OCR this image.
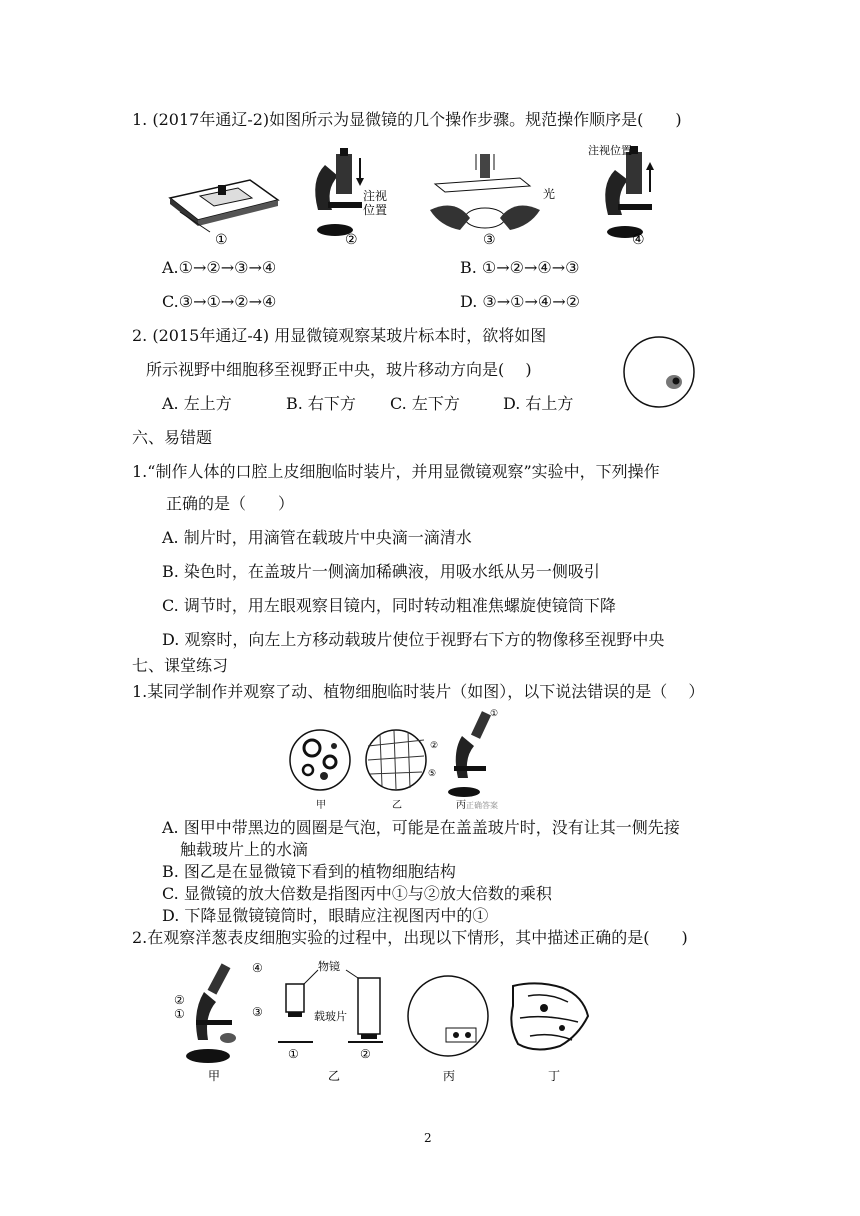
1. (2017年通辽-2)如图所示为显微镜的几个操作步骤。规范操作顺序是(　　)
注视
位置
光
注视位置
①	②	③	④
A.①→②→③→④	B. ①→②→④→③
C.③→①→②→④	D. ③→①→④→②
2. (2015年通辽-4) 用显微镜观察某玻片标本时，欲将如图
所示视野中细胞移至视野正中央，玻片移动方向是(　 )
A. 左上方	B. 右下方 C. 左下方	D. 右上方
六、易错题
1.“制作人体的口腔上皮细胞临时装片，并用显微镜观察”实验中，下列操作
正确的是（　　）
A. 制片时，用滴管在载玻片中央滴一滴清水
B. 染色时，在盖玻片一侧滴加稀碘液，用吸水纸从另一侧吸引
C. 调节时，用左眼观察目镜内，同时转动粗准焦螺旋使镜筒下降
D. 观察时，向左上方移动载玻片使位于视野右下方的物像移至视野中央
七、课堂练习
1.某同学制作并观察了动、植物细胞临时装片（如图），以下说法错误的是（　 ）
①
②
⑤
甲	乙	丙 正确答案
A. 图甲中带黑边的圆圈是气泡，可能是在盖盖玻片时，没有让其一侧先接
触载玻片上的水滴
B. 图乙是在显微镜下看到的植物细胞结构
C. 显微镜的放大倍数是指图丙中①与②放大倍数的乘积
D. 下降显微镜镜筒时，眼睛应注视图丙中的①
2.在观察洋葱表皮细胞实验的过程中，出现以下情形，其中描述正确的是(　　)
④
②
①	③
物镜
载玻片
①	②
甲	乙	丙	丁
2
